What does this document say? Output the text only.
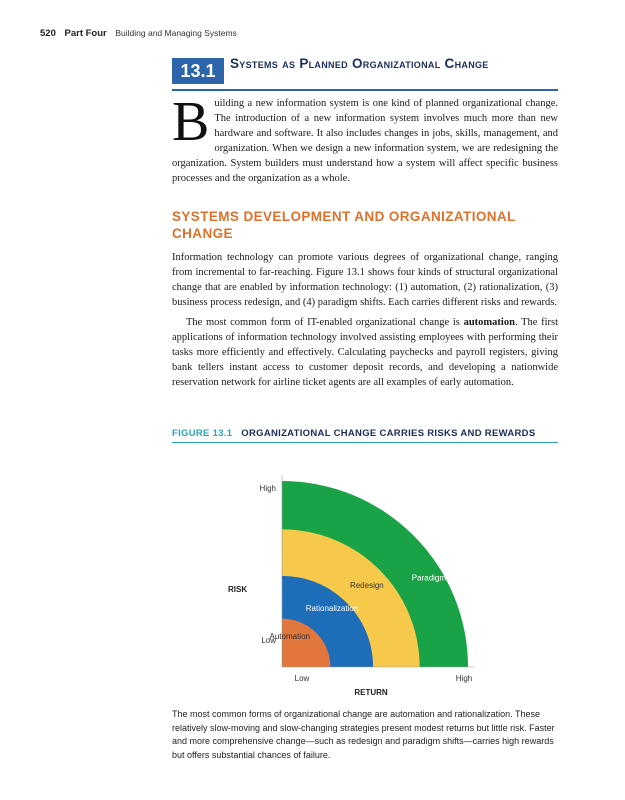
520 Part Four Building and Managing Systems
13.1	Systems as Planned Organizational Change
Building a new information system is one kind of planned organizational change. The introduction of a new information system involves much more than new hardware and software. It also includes changes in jobs, skills, management, and organization. When we design a new information system, we are redesigning the organization. System builders must understand how a system will affect specific business processes and the organization as a whole.
SYSTEMS DEVELOPMENT AND ORGANIZATIONAL CHANGE
Information technology can promote various degrees of organizational change, ranging from incremental to far-reaching. Figure 13.1 shows four kinds of structural organizational change that are enabled by information technology: (1) automation, (2) rationalization, (3) business process redesign, and (4) paradigm shifts. Each carries different risks and rewards.

The most common form of IT-enabled organizational change is automation. The first applications of information technology involved assisting employees with performing their tasks more efficiently and effectively. Calculating paychecks and payroll registers, giving bank tellers instant access to customer deposit records, and developing a nationwide reservation network for airline ticket agents are all examples of early automation.

FIGURE 13.1 ORGANIZATIONAL CHANGE CARRIES RISKS AND REWARDS
High
Low
Low	High
RISK
RETURN
Paradigm shifts
Redesign
Rationalization
Automation
The most common forms of organizational change are automation and rationalization. These relatively slow-moving and slow-changing strategies present modest returns but little risk. Faster and more comprehensive change—such as redesign and paradigm shifts—carries high rewards but offers substantial chances of failure.
